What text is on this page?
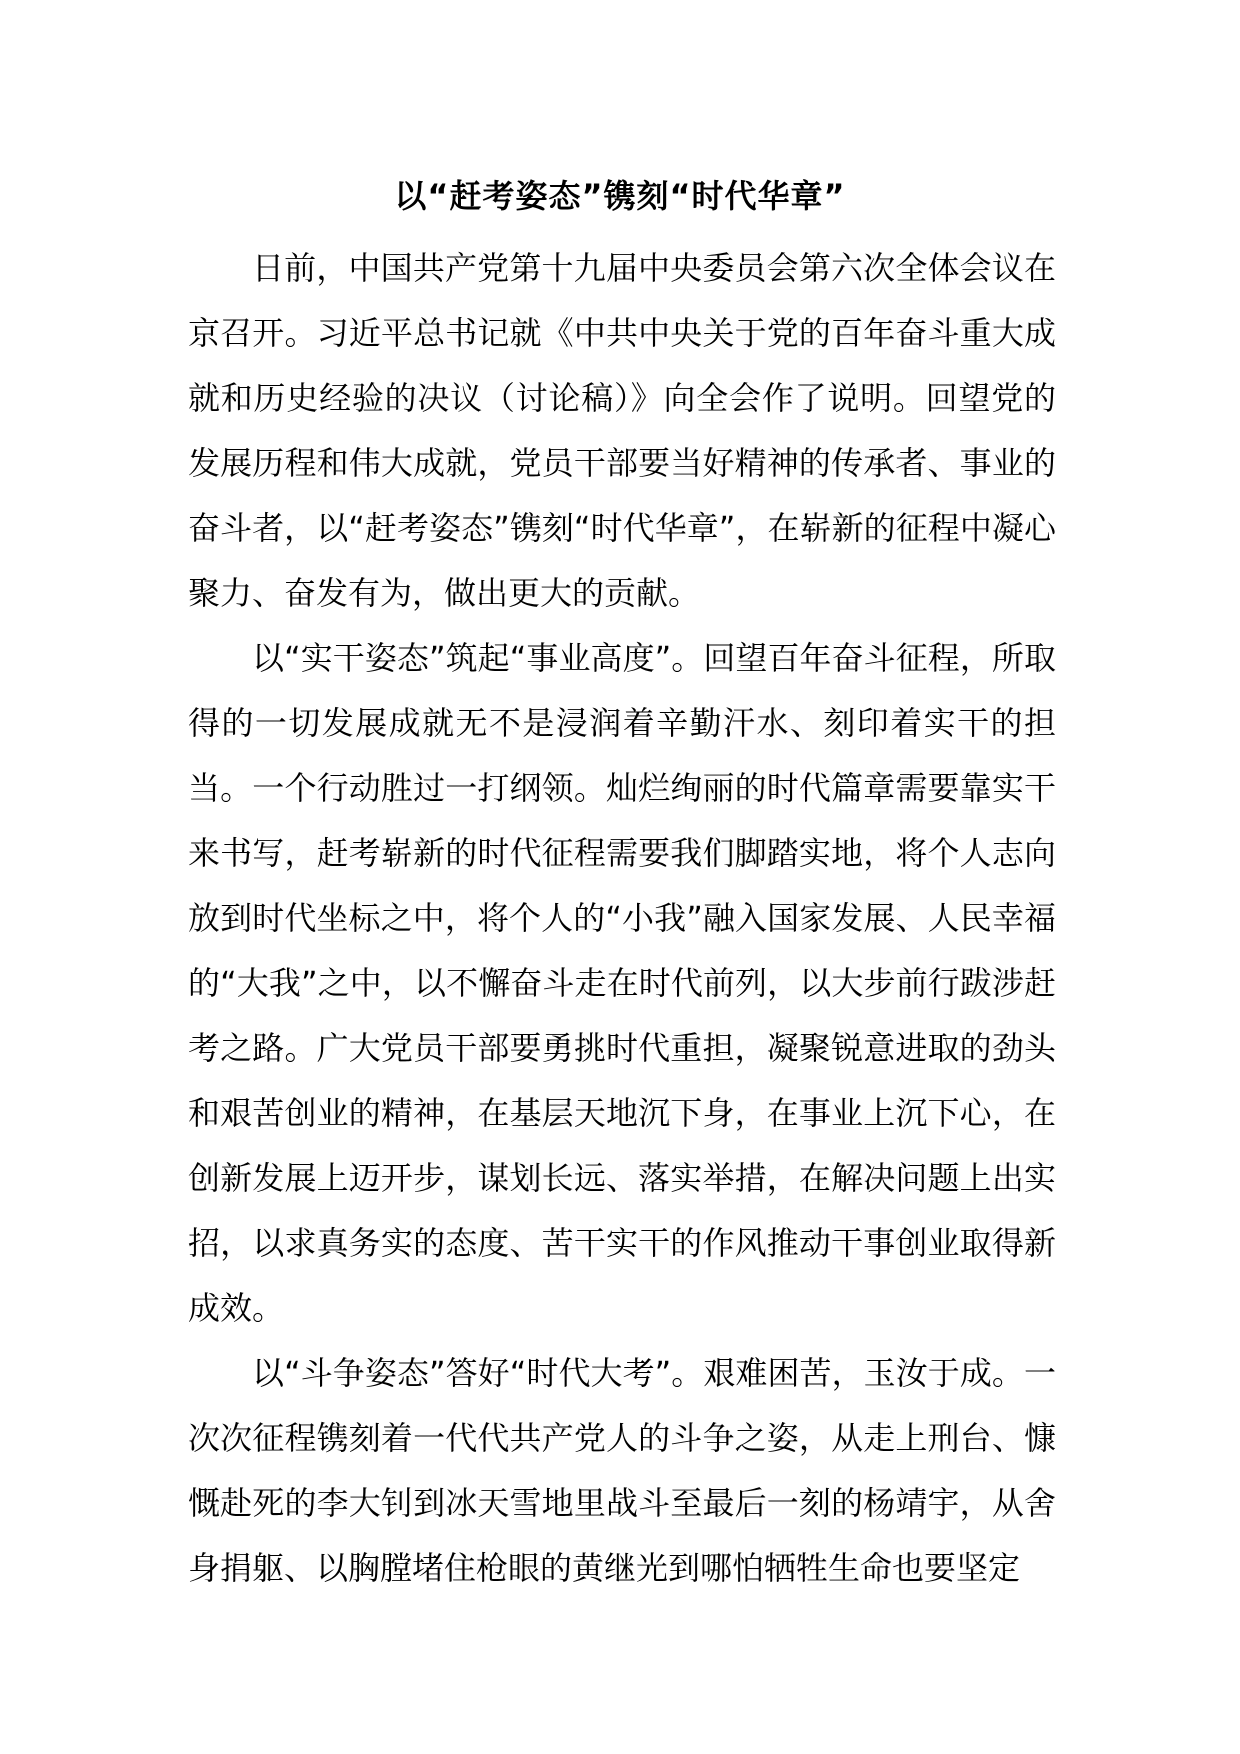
以“赶考姿态”镌刻“时代华章”

日前，中国共产党第十九届中央委员会第六次全体会议在京召开。习近平总书记就《中共中央关于党的百年奋斗重大成就和历史经验的决议（讨论稿）》向全会作了说明。回望党的发展历程和伟大成就，党员干部要当好精神的传承者、事业的奋斗者，以“赶考姿态”镌刻“时代华章”，在崭新的征程中凝心聚力、奋发有为，做出更大的贡献。

以“实干姿态”筑起“事业高度”。回望百年奋斗征程，所取得的一切发展成就无不是浸润着辛勤汗水、刻印着实干的担当。一个行动胜过一打纲领。灿烂绚丽的时代篇章需要靠实干来书写，赶考崭新的时代征程需要我们脚踏实地，将个人志向放到时代坐标之中，将个人的“小我”融入国家发展、人民幸福的“大我”之中，以不懈奋斗走在时代前列，以大步前行跋涉赶考之路。广大党员干部要勇挑时代重担，凝聚锐意进取的劲头和艰苦创业的精神，在基层天地沉下身，在事业上沉下心，在创新发展上迈开步，谋划长远、落实举措，在解决问题上出实招，以求真务实的态度、苦干实干的作风推动干事创业取得新成效。

以“斗争姿态”答好“时代大考”。艰难困苦，玉汝于成。一次次征程镌刻着一代代共产党人的斗争之姿，从走上刑台、慷慨赴死的李大钊到冰天雪地里战斗至最后一刻的杨靖宇，从舍身捐躯、以胸膛堵住枪眼的黄继光到哪怕牺牲生命也要坚定
